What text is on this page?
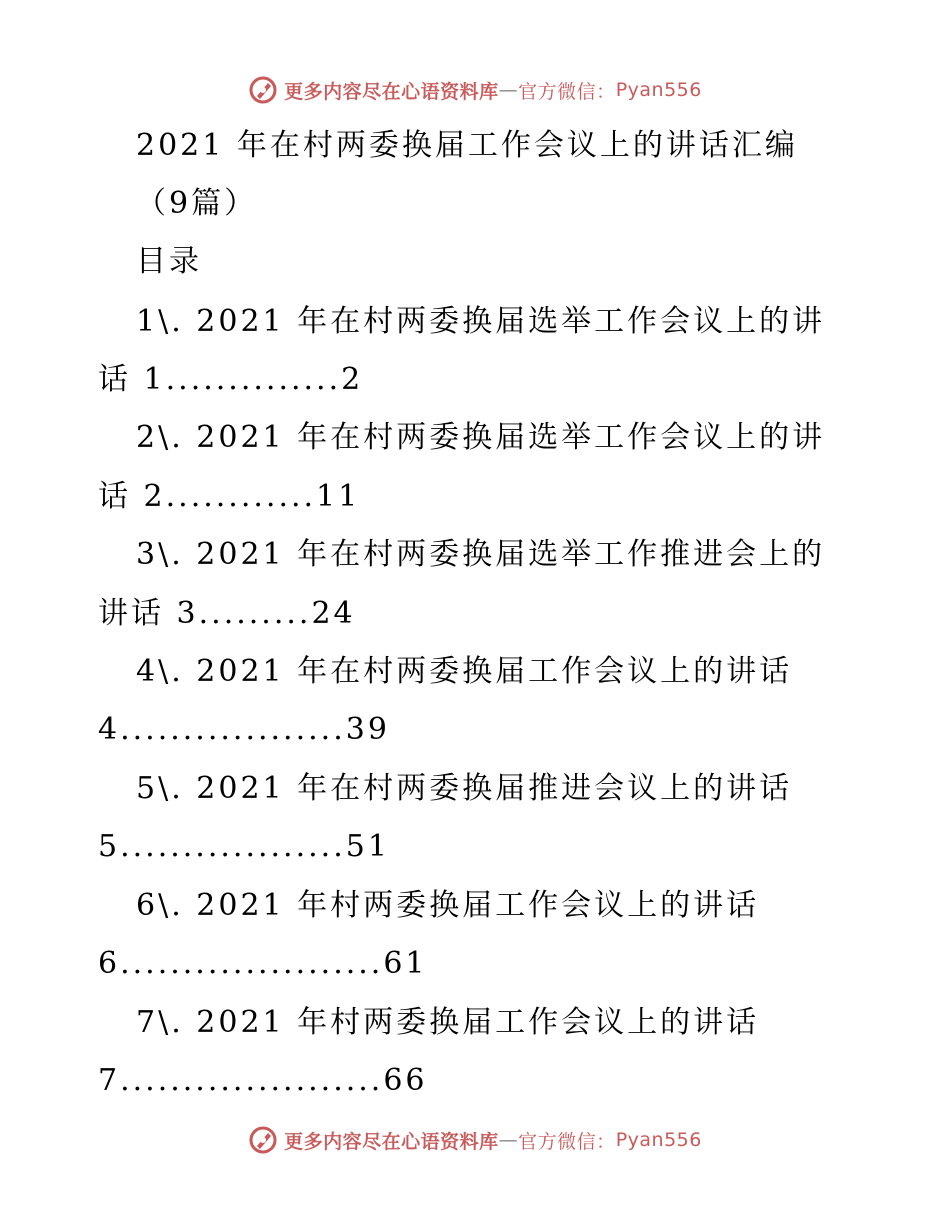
更多内容尽在心语资料库 — 官方微信： Pyan556
2021 年在村两委换届工作会议上的讲话汇编
（9篇）
目录
1\. 2021 年在村两委换届选举工作会议上的讲
话 1..............2
2\. 2021 年在村两委换届选举工作会议上的讲
话 2............11
3\. 2021 年在村两委换届选举工作推进会上的
讲话 3.........24
4\. 2021 年在村两委换届工作会议上的讲话
4..................39
5\. 2021 年在村两委换届推进会议上的讲话
5..................51
6\. 2021 年村两委换届工作会议上的讲话
6.....................61
7\. 2021 年村两委换届工作会议上的讲话
7.....................66
更多内容尽在心语资料库 — 官方微信： Pyan556
